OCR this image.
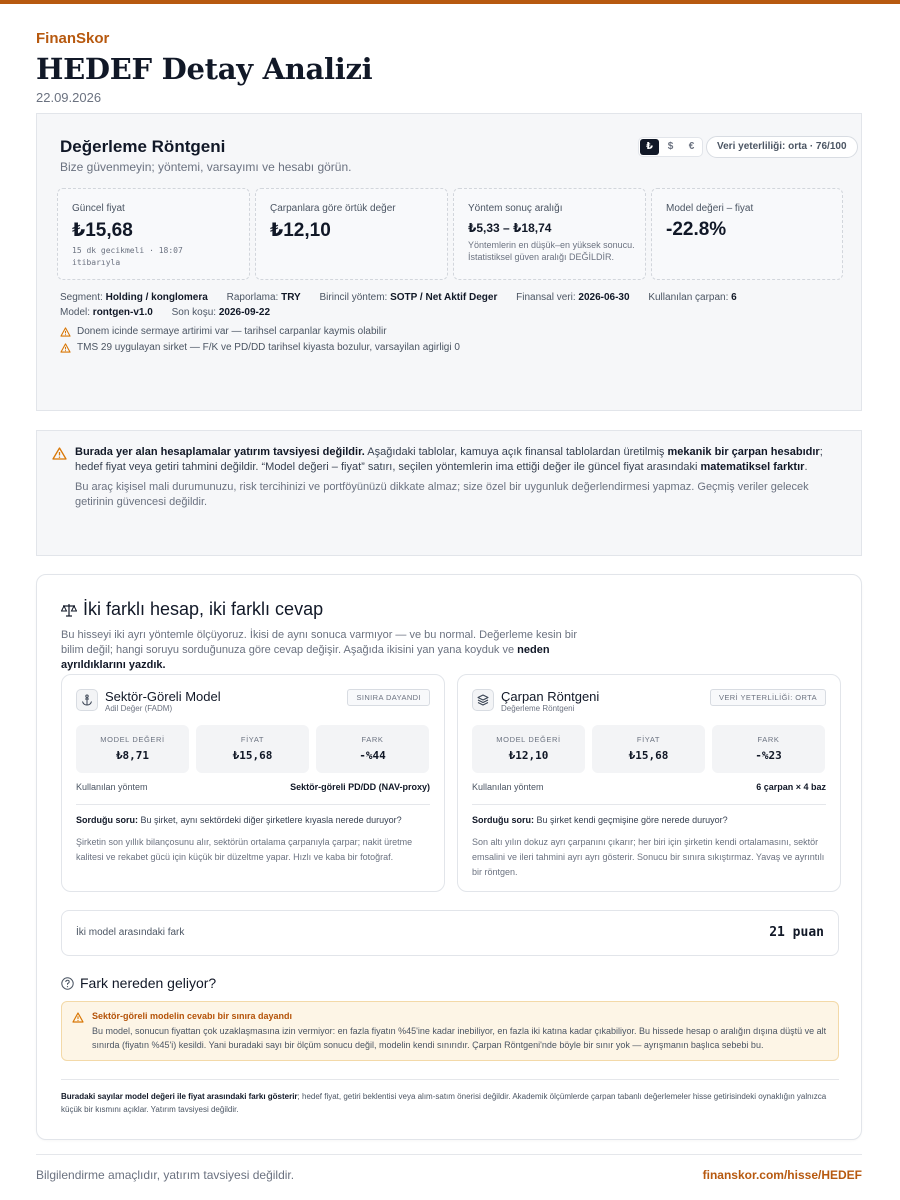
FinanSkor
HEDEF Detay Analizi
22.09.2026
Değerleme Röntgeni
Bize güvenmeyin; yöntemi, varsayımı ve hesabı görün.
₺	$	€	Veri yeterliliği: orta · 76/100
Güncel fiyat
₺15,68
15 dk gecikmeli · 18:07 itibarıyla
Çarpanlara göre örtük değer
₺12,10
Yöntem sonuç aralığı
₺5,33 – ₺18,74
Yöntemlerin en düşük–en yüksek sonucu.
İstatistiksel güven aralığı DEĞİLDİR.
Model değeri – fiyat
-22.8%
Segment: Holding / konglomera Raporlama: TRY Birincil yöntem: SOTP / Net Aktif Deger Finansal veri: 2026-06-30 Kullanılan çarpan: 6 Model: rontgen-v1.0 Son koşu: 2026-09-22
Donem icinde sermaye artirimi var — tarihsel carpanlar kaymis olabilir
TMS 29 uygulayan sirket — F/K ve PD/DD tarihsel kiyasta bozulur, varsayilan agirligi 0
Burada yer alan hesaplamalar yatırım tavsiyesi değildir. Aşağıdaki tablolar, kamuya açık finansal tablolardan üretilmiş mekanik bir çarpan hesabıdır; hedef fiyat veya getiri tahmini değildir. “Model değeri – fiyat” satırı, seçilen yöntemlerin ima ettiği değer ile güncel fiyat arasındaki matematiksel farktır.
Bu araç kişisel mali durumunuzu, risk tercihinizi ve portföyünüzü dikkate almaz; size özel bir uygunluk değerlendirmesi yapmaz. Geçmiş veriler gelecek getirinin güvencesi değildir.
İki farklı hesap, iki farklı cevap
Bu hisseyi iki ayrı yöntemle ölçüyoruz. İkisi de aynı sonuca varmıyor — ve bu normal. Değerleme kesin bir bilim değil; hangi soruyu sorduğunuza göre cevap değişir. Aşağıda ikisini yan yana koyduk ve neden ayrıldıklarını yazdık.
Sektör-Göreli Model
Adil Değer (FADM)
SINIRA DAYANDI
MODEL DEĞERİ
₺8,71
FİYAT
₺15,68
FARK
-%44
Kullanılan yöntem	Sektör-göreli PD/DD (NAV-proxy)
Sorduğu soru: Bu şirket, aynı sektördeki diğer şirketlere kıyasla nerede duruyor?
Şirketin son yıllık bilançosunu alır, sektörün ortalama çarpanıyla çarpar; nakit üretme kalitesi ve rekabet gücü için küçük bir düzeltme yapar. Hızlı ve kaba bir fotoğraf.
Çarpan Röntgeni
Değerleme Röntgeni
VERİ YETERLİLİĞİ: ORTA
MODEL DEĞERİ
₺12,10
FİYAT
₺15,68
FARK
-%23
Kullanılan yöntem	6 çarpan × 4 baz
Sorduğu soru: Bu şirket kendi geçmişine göre nerede duruyor?
Son altı yılın dokuz ayrı çarpanını çıkarır; her biri için şirketin kendi ortalamasını, sektör emsalini ve ileri tahmini ayrı ayrı gösterir. Sonucu bir sınıra sıkıştırmaz. Yavaş ve ayrıntılı bir röntgen.
İki model arasındaki fark	21 puan
Fark nereden geliyor?
Sektör-göreli modelin cevabı bir sınıra dayandı
Bu model, sonucun fiyattan çok uzaklaşmasına izin vermiyor: en fazla fiyatın %45'ine kadar inebiliyor, en fazla iki katına kadar çıkabiliyor. Bu hissede hesap o aralığın dışına düştü ve alt sınırda (fiyatın %45'i) kesildi. Yani buradaki sayı bir ölçüm sonucu değil, modelin kendi sınırıdır. Çarpan Röntgeni'nde böyle bir sınır yok — ayrışmanın başlıca sebebi bu.
Buradaki sayılar model değeri ile fiyat arasındaki farkı gösterir; hedef fiyat, getiri beklentisi veya alım-satım önerisi değildir. Akademik ölçümlerde çarpan tabanlı değerlemeler hisse getirisindeki oynaklığın yalnızca küçük bir kısmını açıklar. Yatırım tavsiyesi değildir.
Bilgilendirme amaçlıdır, yatırım tavsiyesi değildir.	finanskor.com/hisse/HEDEF
